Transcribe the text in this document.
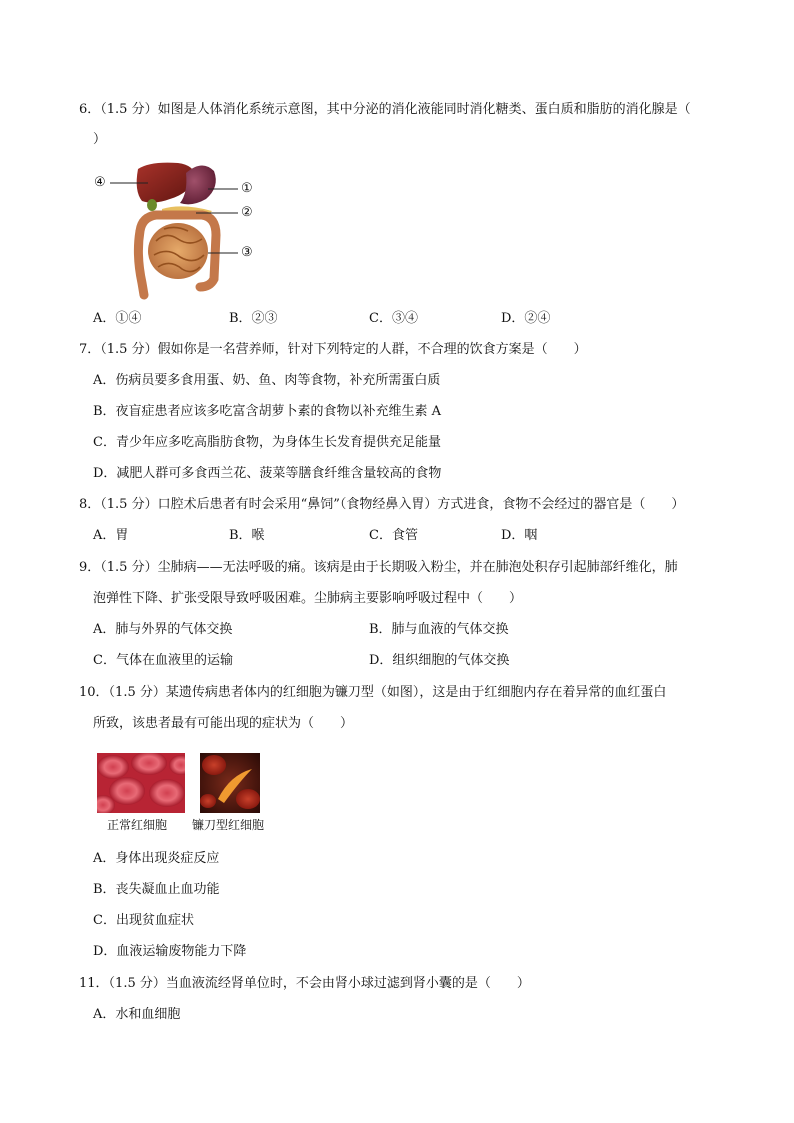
6．（1.5 分）如图是人体消化系统示意图，其中分泌的消化液能同时消化糖类、蛋白质和脂肪的消化腺是（
）
④	①
②
③
A．①④	B．②③	C．③④	D．②④
7．（1.5 分）假如你是一名营养师，针对下列特定的人群，不合理的饮食方案是（　　）
A．伤病员要多食用蛋、奶、鱼、肉等食物，补充所需蛋白质
B．夜盲症患者应该多吃富含胡萝卜素的食物以补充维生素 A
C．青少年应多吃高脂肪食物，为身体生长发育提供充足能量
D．减肥人群可多食西兰花、菠菜等膳食纤维含量较高的食物
8．（1.5 分）口腔术后患者有时会采用“鼻饲”（食物经鼻入胃）方式进食，食物不会经过的器官是（　　）
A．胃	B．喉	C．食管	D．咽
9．（1.5 分）尘肺病——无法呼吸的痛。该病是由于长期吸入粉尘，并在肺泡处积存引起肺部纤维化，肺
泡弹性下降、扩张受限导致呼吸困难。尘肺病主要影响呼吸过程中（　　）
A．肺与外界的气体交换	B．肺与血液的气体交换
C．气体在血液里的运输	D．组织细胞的气体交换
10．（1.5 分）某遗传病患者体内的红细胞为镰刀型（如图），这是由于红细胞内存在着异常的血红蛋白
所致，该患者最有可能出现的症状为（　　）
正常红细胞 镰刀型红细胞
A．身体出现炎症反应
B．丧失凝血止血功能
C．出现贫血症状
D．血液运输废物能力下降
11．（1.5 分）当血液流经肾单位时，不会由肾小球过滤到肾小囊的是（　　）
A．水和血细胞
